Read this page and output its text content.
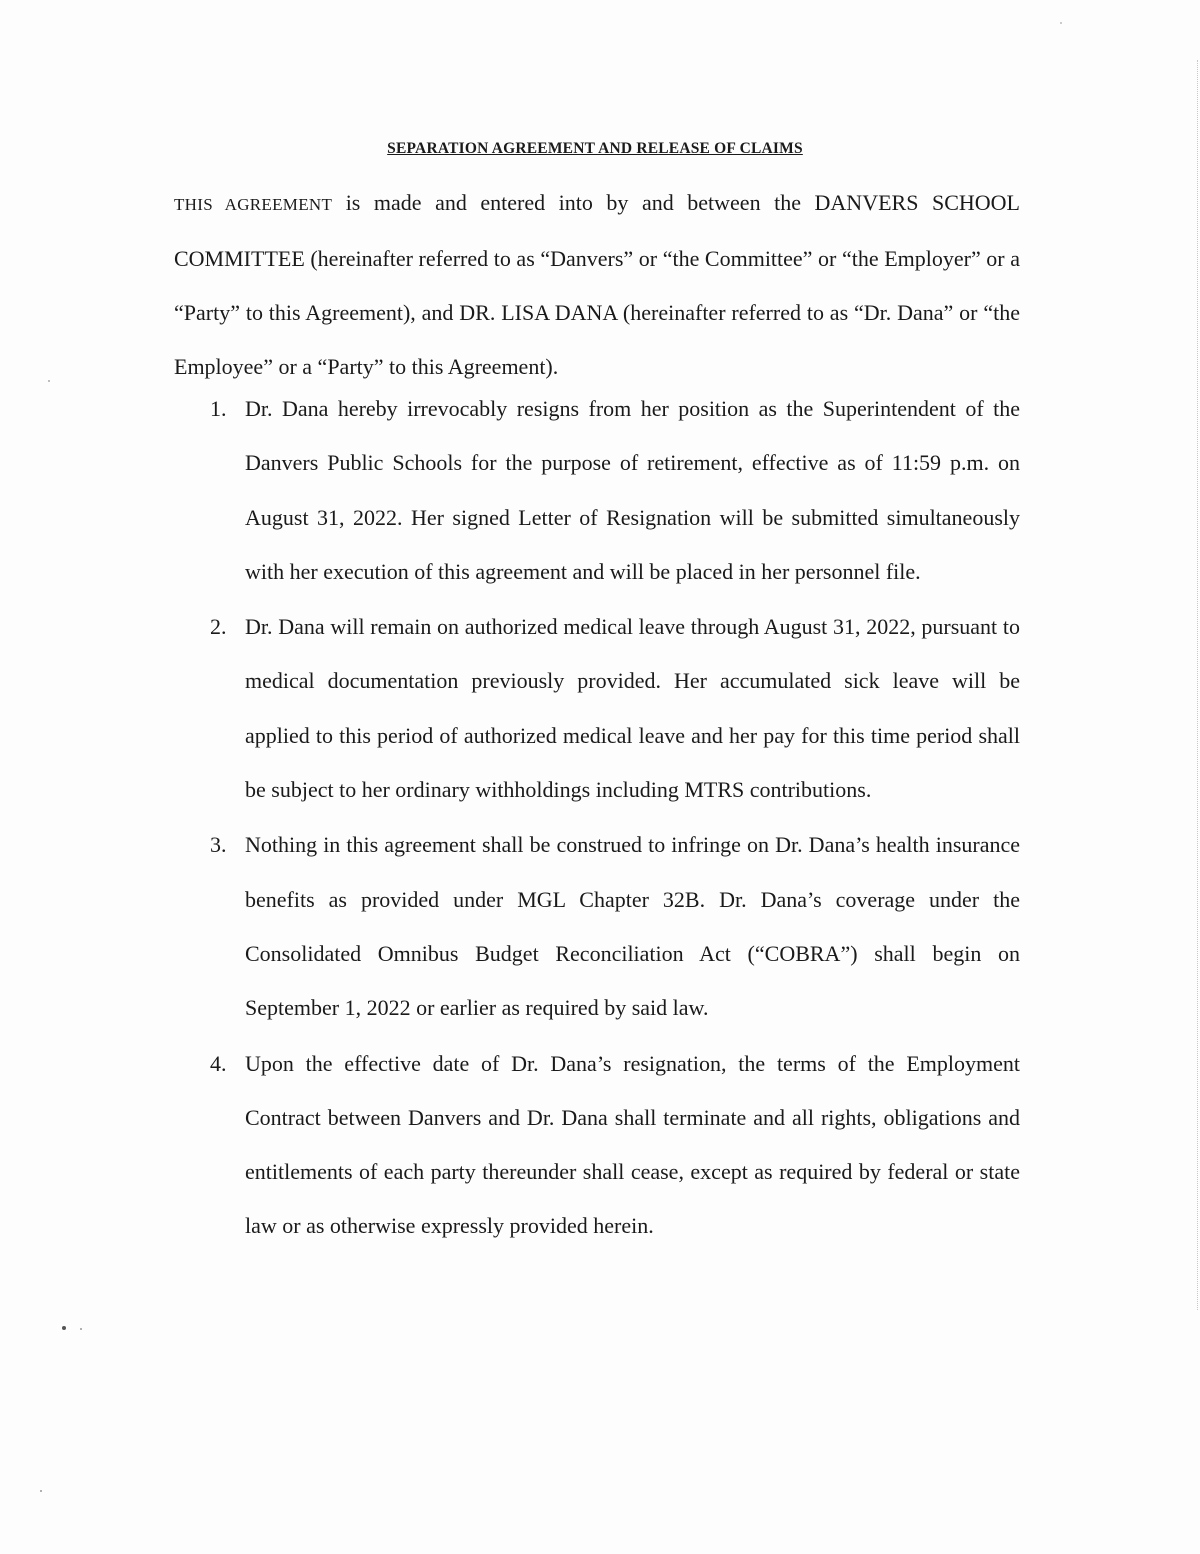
SEPARATION AGREEMENT AND RELEASE OF CLAIMS

THIS AGREEMENT is made and entered into by and between the DANVERS SCHOOL COMMITTEE (hereinafter referred to as “Danvers” or “the Committee” or “the Employer” or a “Party” to this Agreement), and DR. LISA DANA (hereinafter referred to as “Dr. Dana” or “the Employee” or a “Party” to this Agreement).

1. Dr. Dana hereby irrevocably resigns from her position as the Superintendent of the Danvers Public Schools for the purpose of retirement, effective as of 11:59 p.m. on August 31, 2022. Her signed Letter of Resignation will be submitted simultaneously with her execution of this agreement and will be placed in her personnel file.
2. Dr. Dana will remain on authorized medical leave through August 31, 2022, pursuant to medical documentation previously provided. Her accumulated sick leave will be applied to this period of authorized medical leave and her pay for this time period shall be subject to her ordinary withholdings including MTRS contributions.
3. Nothing in this agreement shall be construed to infringe on Dr. Dana’s health insurance benefits as provided under MGL Chapter 32B. Dr. Dana’s coverage under the Consolidated Omnibus Budget Reconciliation Act (“COBRA”) shall begin on September 1, 2022 or earlier as required by said law.
4. Upon the effective date of Dr. Dana’s resignation, the terms of the Employment Contract between Danvers and Dr. Dana shall terminate and all rights, obligations and entitlements of each party thereunder shall cease, except as required by federal or state law or as otherwise expressly provided herein.
